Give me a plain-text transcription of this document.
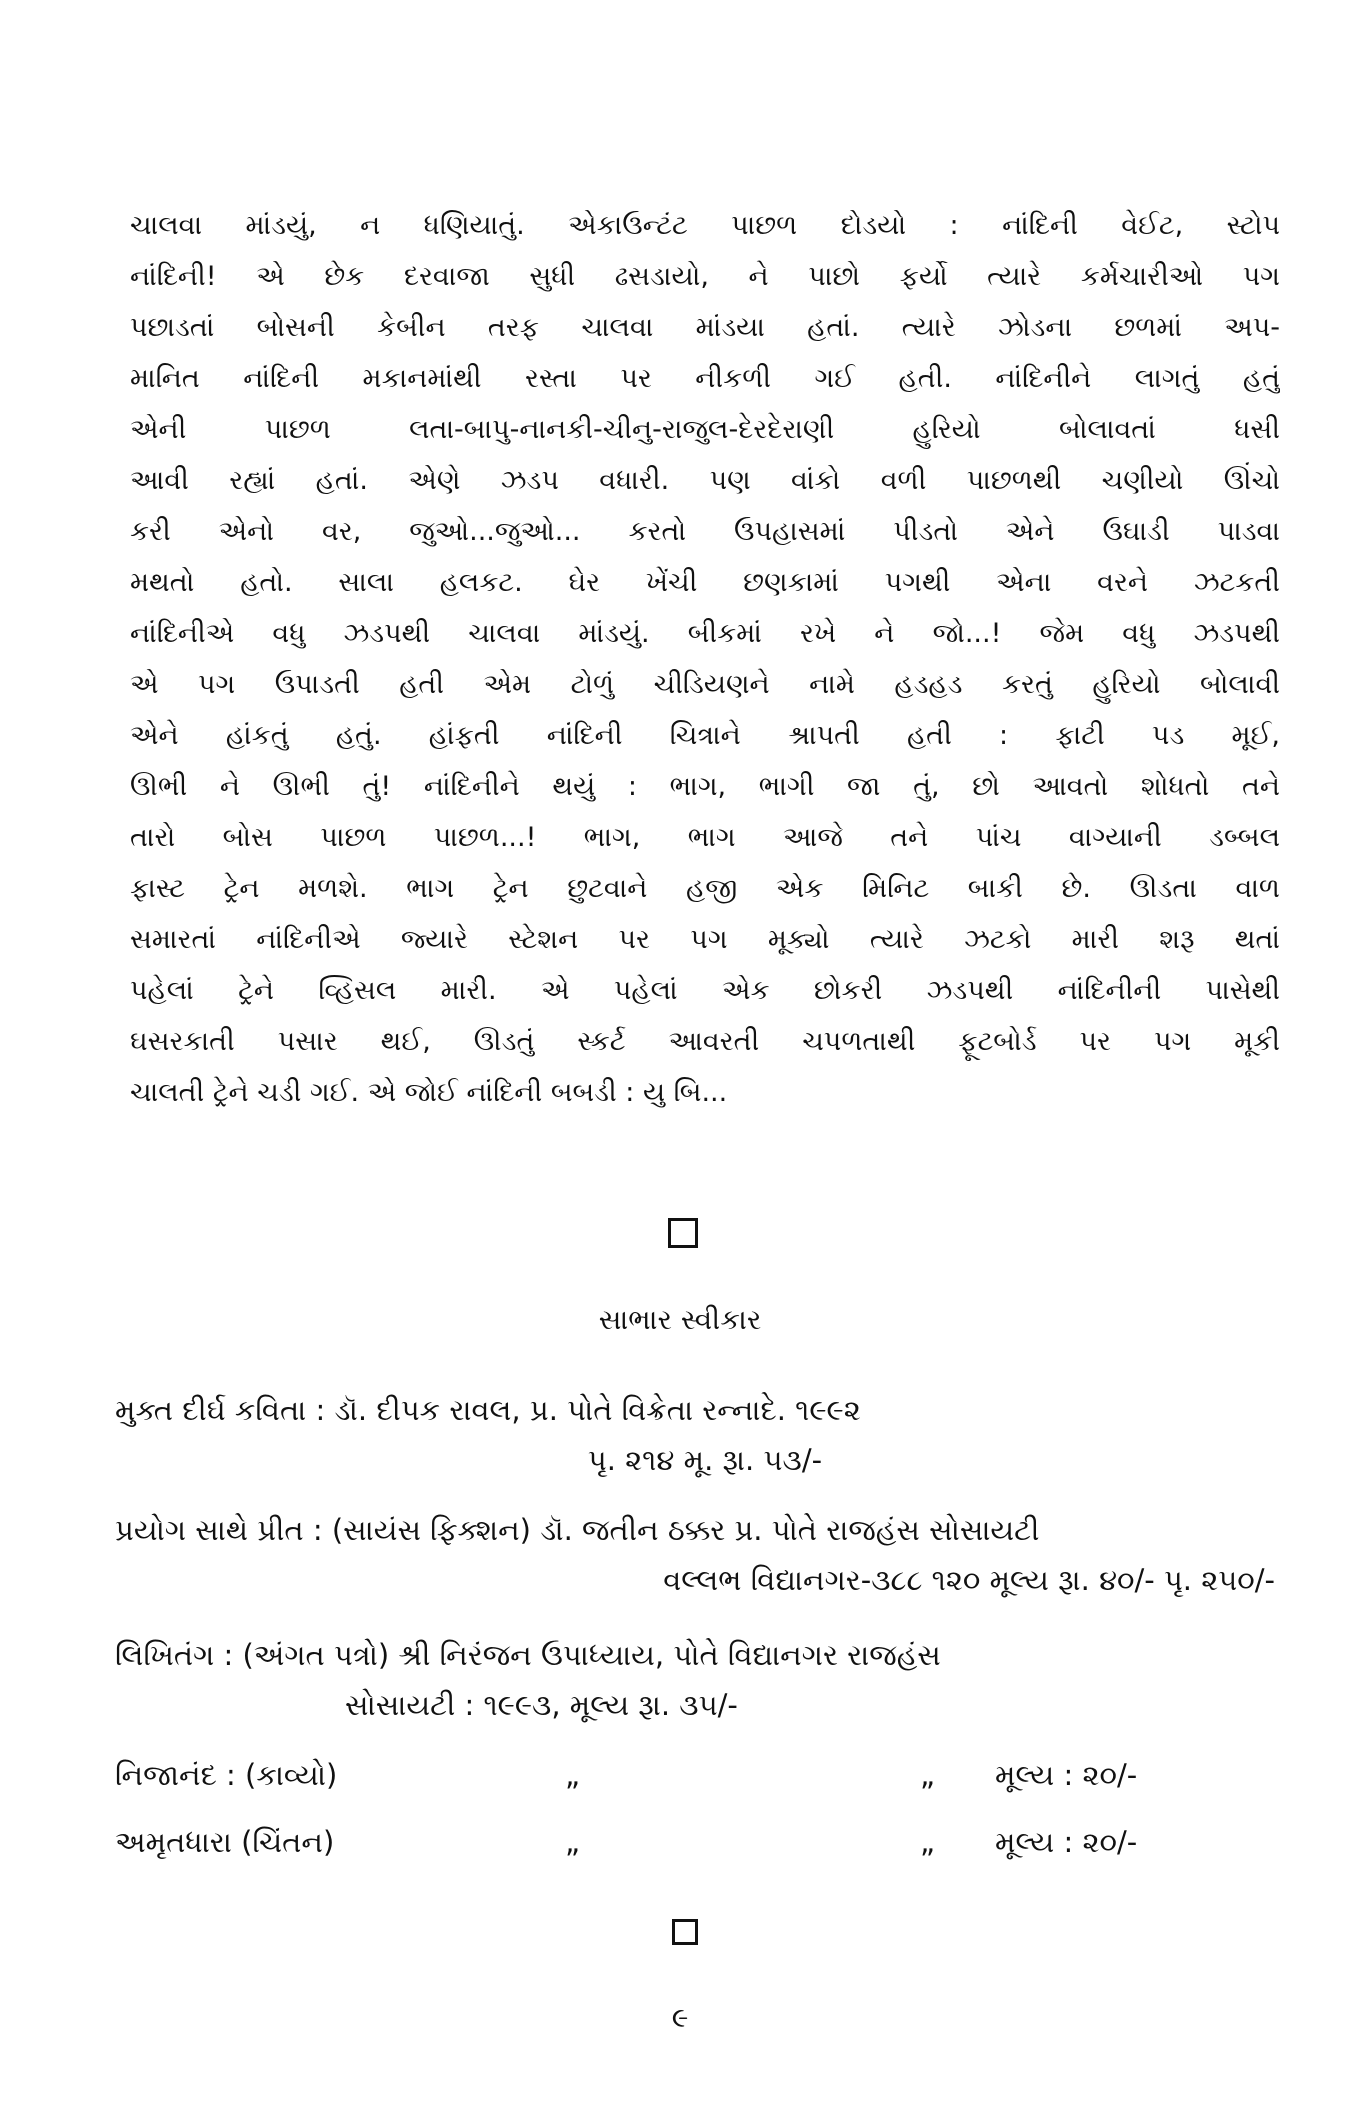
ચાલવા માંડયું, ન ધણિયાતું. એકાઉન્ટંટ પાછળ દોડયો : નાંદિની વેઈટ, સ્ટોપ
નાંદિની! એ છેક દરવાજા સુધી ઢસડાયો, ને પાછો ફર્યો ત્યારે કર્મચારીઓ પગ
પછાડતાં બોસની કેબીન તરફ ચાલવા માંડયા હતાં. ત્યારે ઝોડના છળમાં અપ-
માનિત નાંદિની મકાનમાંથી રસ્તા પર નીકળી ગઈ હતી. નાંદિનીને લાગતું હતું
એની પાછળ લતા-બાપુ-નાનકી-ચીનુ-રાજુલ-દેરદેરાણી હુરિયો બોલાવતાં ધસી
આવી રહ્યાં હતાં. એણે ઝડપ વધારી. પણ વાંકો વળી પાછળથી ચણીયો ઊંચો
કરી એનો વર, જુઓ...જુઓ... કરતો ઉપહાસમાં પીડતો એને ઉઘાડી પાડવા
મથતો હતો. સાલા હલકટ. ઘેર ખેંચી છણકામાં પગથી એના વરને ઝટકતી
નાંદિનીએ વધુ ઝડપથી ચાલવા માંડયું. બીકમાં રખે ને જો...! જેમ વધુ ઝડપથી
એ પગ ઉપાડતી હતી એમ ટોળું ચીડિયણને નામે હડહડ કરતું હુરિયો બોલાવી
એને હાંકતું હતું. હાંફતી નાંદિની ચિત્રાને શ્રાપતી હતી : ફાટી પડ મૂઈ,
ઊભી ને ઊભી તું! નાંદિનીને થયું : ભાગ, ભાગી જા તું, છો આવતો શોધતો તને
તારો બોસ પાછળ પાછળ...! ભાગ, ભાગ આજે તને પાંચ વાગ્યાની ડબ્બલ
ફાસ્ટ ટ્રેન મળશે. ભાગ ટ્રેન છુટવાને હજી એક મિનિટ બાકી છે. ઊડતા વાળ
સમારતાં નાંદિનીએ જ્યારે સ્ટેશન પર પગ મૂક્યો ત્યારે ઝટકો મારી શરૂ થતાં
પહેલાં ટ્રેને વ્હિસલ મારી. એ પહેલાં એક છોકરી ઝડપથી નાંદિનીની પાસેથી
ઘસરકાતી પસાર થઈ, ઊડતું સ્કર્ટ આવરતી ચપળતાથી ફૂટબોર્ડ પર પગ મૂકી
ચાલતી ટ્રેને ચડી ગઈ. એ જોઈ નાંદિની બબડી : યુ બિ...
સાભાર સ્વીકાર
મુક્ત દીર્ઘ કવિતા : ડૉ. દીપક રાવલ, પ્ર. પોતે વિક્રેતા રન્નાદે. ૧૯૯૨
પૃ. ૨૧૪ મૂ. રૂા. ૫૩/-
પ્રયોગ સાથે પ્રીત : (સાયંસ ફિક્શન) ડૉ. જતીન ઠક્કર પ્ર. પોતે રાજહંસ સોસાયટી
વલ્લભ વિદ્યાનગર-૩૮૮ ૧૨૦ મૂલ્ય રૂા. ૪૦/- પૃ. ૨૫૦/-
લિખિતંગ : (અંગત પત્રો) શ્રી નિરંજન ઉપાધ્યાય, પોતે વિદ્યાનગર રાજહંસ
સોસાયટી : ૧૯૯૩, મૂલ્ય રૂા. ૩૫/-
નિજાનંદ : (કાવ્યો)	„	„ મૂલ્ય : ૨૦/-
અમૃતધારા (ચિંતન)	„	„ મૂલ્ય : ૨૦/-
૯
